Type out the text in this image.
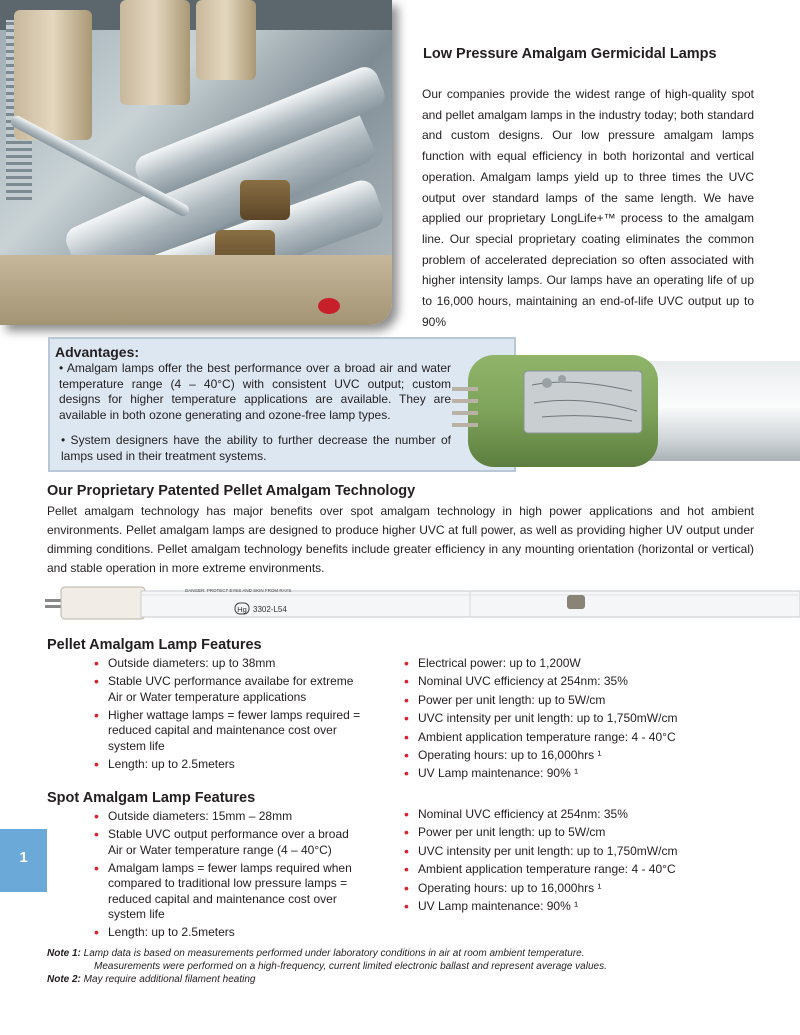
Low Pressure Amalgam Germicidal Lamps
Our companies provide the widest range of high-quality spot and pellet amalgam lamps in the industry today; both standard and custom designs. Our low pressure amalgam lamps function with equal efficiency in both horizontal and vertical operation. Amalgam lamps yield up to three times the UVC output over standard lamps of the same length. We have applied our proprietary LongLife+™ process to the amalgam line. Our special proprietary coating eliminates the common problem of accelerated depreciation so often associated with higher intensity lamps. Our lamps have an operating life of up to 16,000 hours, maintaining an end-of-life UVC output up to 90%
Advantages:
• Amalgam lamps offer the best performance over a broad air and water temperature range (4 – 40°C) with consistent UVC output; custom designs for higher temperature applications are available. They are available in both ozone generating and ozone-free lamp types.
• System designers have the ability to further decrease the number of lamps used in their treatment systems.
Our Proprietary Patented Pellet Amalgam Technology
Pellet amalgam technology has major benefits over spot amalgam technology in high power applications and hot ambient environments. Pellet amalgam lamps are designed to produce higher UVC at full power, as well as providing higher UV output under dimming conditions. Pellet amalgam technology benefits include greater efficiency in any mounting orientation (horizontal or vertical) and stable operation in more extreme environments.
Hg 3302-L54
DANGER: PROTECT EYES AND SKIN FROM RAYS
Pellet Amalgam Lamp Features
• Outside diameters: up to 38mm
• Stable UVC performance availabe for extreme Air or Water temperature applications
• Higher wattage lamps = fewer lamps required = reduced capital and maintenance cost over system life
• Length: up to 2.5meters
• Electrical power: up to 1,200W
• Nominal UVC efficiency at 254nm: 35%
• Power per unit length: up to 5W/cm
• UVC intensity per unit length: up to 1,750mW/cm
• Ambient application temperature range: 4 - 40°C
• Operating hours: up to 16,000hrs ¹
• UV Lamp maintenance: 90% ¹
Spot Amalgam Lamp Features
• Outside diameters: 15mm – 28mm
• Stable UVC output performance over a broad Air or Water temperature range (4 – 40°C)
• Amalgam lamps = fewer lamps required when compared to traditional low pressure lamps = reduced capital and maintenance cost over system life
• Length: up to 2.5meters
• Nominal UVC efficiency at 254nm: 35%
• Power per unit length: up to 5W/cm
• UVC intensity per unit length: up to 1,750mW/cm
• Ambient application temperature range: 4 - 40°C
• Operating hours: up to 16,000hrs ¹
• UV Lamp maintenance: 90% ¹
1
Note 1: Lamp data is based on measurements performed under laboratory conditions in air at room ambient temperature.
Measurements were performed on a high-frequency, current limited electronic ballast and represent average values.
Note 2: May require additional filament heating
